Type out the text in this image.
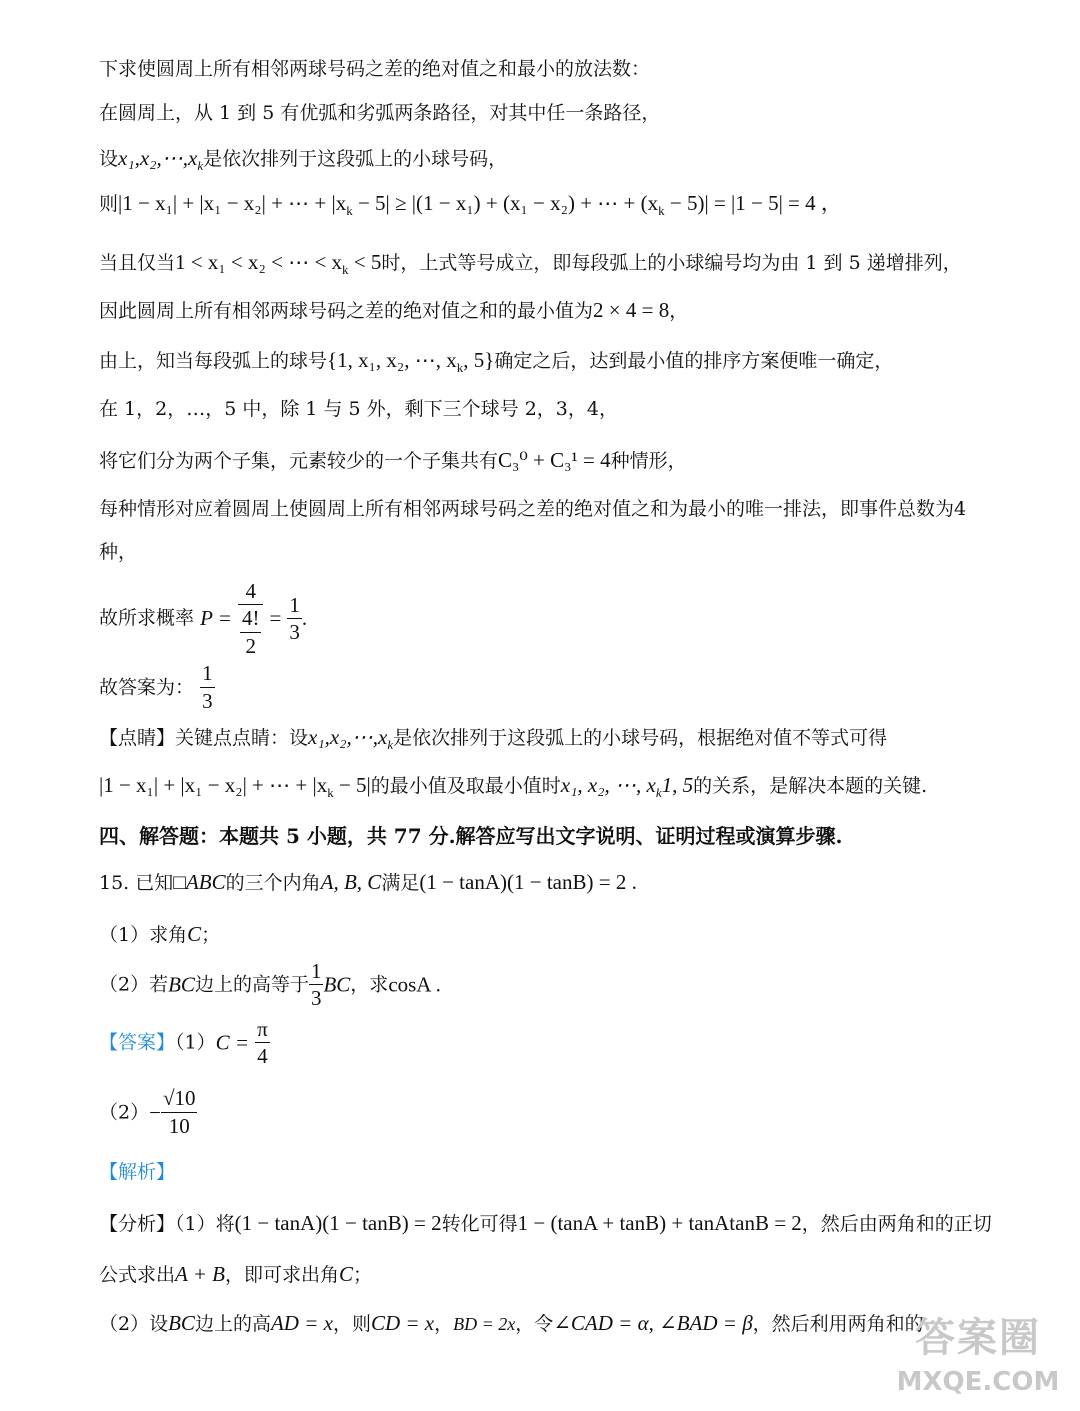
下求使圆周上所有相邻两球号码之差的绝对值之和最小的放法数：
在圆周上，从 1 到 5 有优弧和劣弧两条路径，对其中任一条路径，
设$x_1,x_2,\cdots,x_k$是依次排列于这段弧上的小球号码，
则|1 − x₁| + |x₁ − x₂| + ⋯ + $|x_k - 5| \ge |(1 - x_1) + (x_1 - x_2)$ + ⋯ + $(x_k - 5)| = |1 - 5| = 4$ ，
当且仅当1 < x₁ < x₂ < ⋯ < $x_k < 5$时，上式等号成立，即每段弧上的小球编号均为由 1 到 5 递增排列，
因此圆周上所有相邻两球号码之差的绝对值之和的最小值为2 × 4 = 8，
由上，知当每段弧上的球号{1, x₁, x₂, ⋯, $x_k$, 5}确定之后，达到最小值的排序方案便唯一确定，
在 1，2，…，5 中，除 1 与 5 外，剩下三个球号 2，3，4，
将它们分为两个子集，元素较少的一个子集共有C₃⁰ + C₃¹ = 4种情形，
每种情形对应着圆周上使圆周上所有相邻两球号码之差的绝对值之和为最小的唯一排法，即事件总数为4
种，
故所求概率 $P = \frac{4}{\frac{4!}{2}} = \frac{1}{3}$ .
故答案为： $\frac{1}{3}$
【点睛】关键点点睛：设$x_1,x_2,\cdots,x_k$是依次排列于这段弧上的小球号码，根据绝对值不等式可得
|1 − x₁| + |x₁ − x₂| + ⋯ + $|x_k - 5|$的最小值及取最小值时x₁, x₂, ⋯, $x_k1$, 5的关系，是解决本题的关键.
四、解答题：本题共 5 小题，共 77 分.解答应写出文字说明、证明过程或演算步骤.
15. 已知□ABC的三个内角A, B, C满足(1 − tanA)(1 − tanB) = 2 .
（1）求角C；
（2）若BC边上的高等于 $\frac{1}{3}$ BC，求cosA .
【答案】$(1)C = \frac{\pi}{4}$
$(2)- \frac{√10}{10}$
【解析】
【分析】（1）将(1 − tanA)(1 − tanB) = 2转化可得1 − (tanA + tanB) + tanAtanB = 2，然后由两角和的正切
公式求出A + B，即可求出角C；
（2）设BC边上的高AD = x，则CD = x，BD = 2x，令∠CAD = α, ∠BAD = β，然后利用两角和的
答案圈
MXQE.COM
